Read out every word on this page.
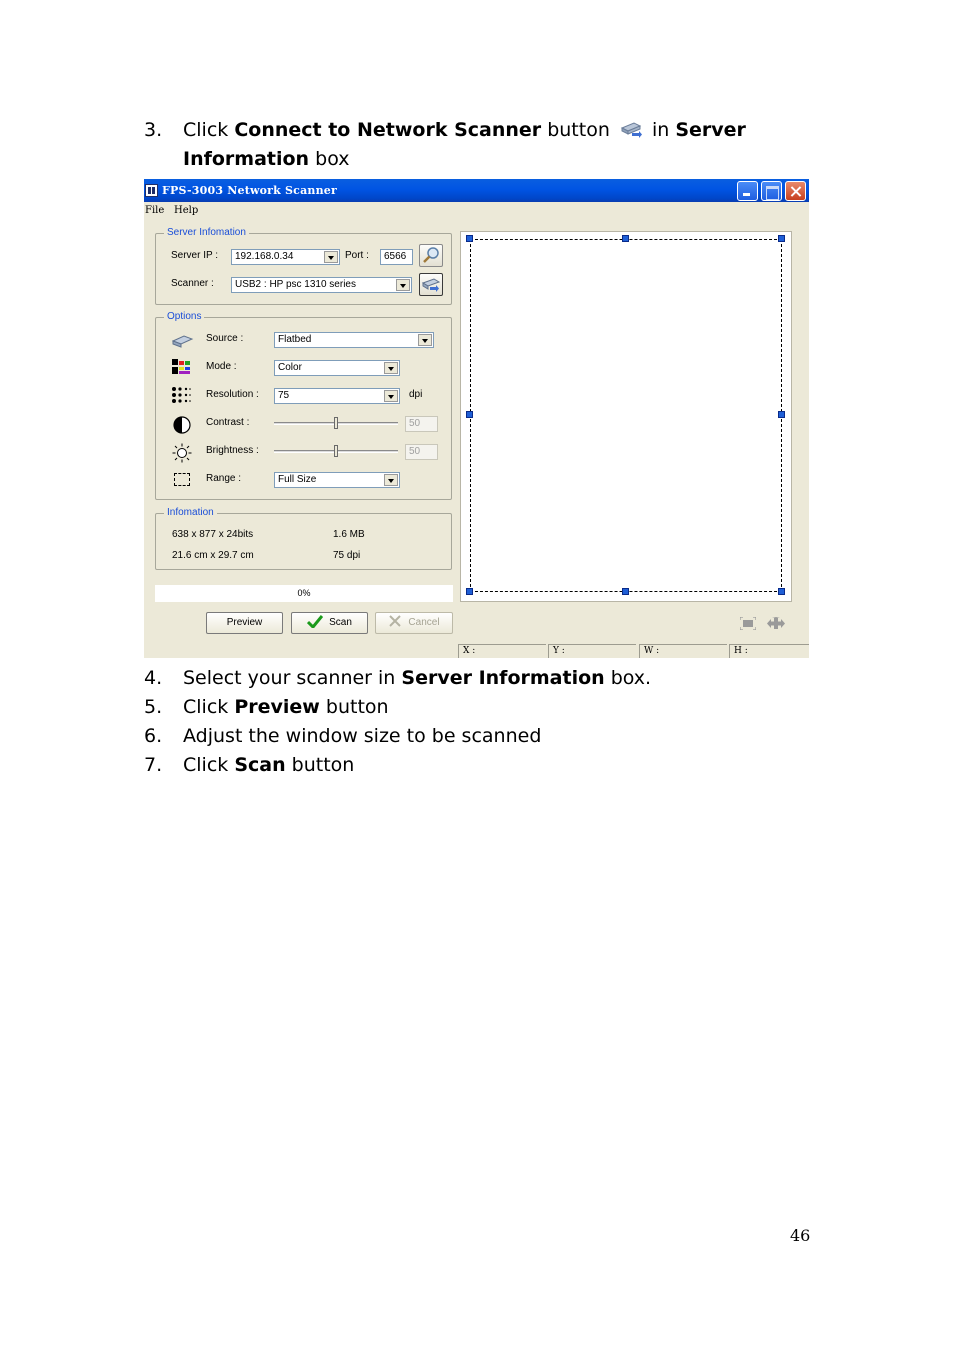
3. Click Connect to Network Scanner button  in Server
Information box
FPS-3003 Network Scanner
File Help
Server Infomation
Server IP :	192.168.0.34	Port :	6566
Scanner :	USB2 : HP psc 1310 series
Options
Source :	Flatbed
Mode :	Color
Resolution :	75	dpi
Contrast :	50
Brightness :	50
Range :	Full Size
Infomation
638 x 877 x 24bits	1.6 MB
21.6 cm x 29.7 cm	75 dpi
0%
Preview	Scan	Cancel
X :	Y :	W :	H :
4. Select your scanner in Server Information box.
5. Click Preview button
6. Adjust the window size to be scanned
7. Click Scan button
46
